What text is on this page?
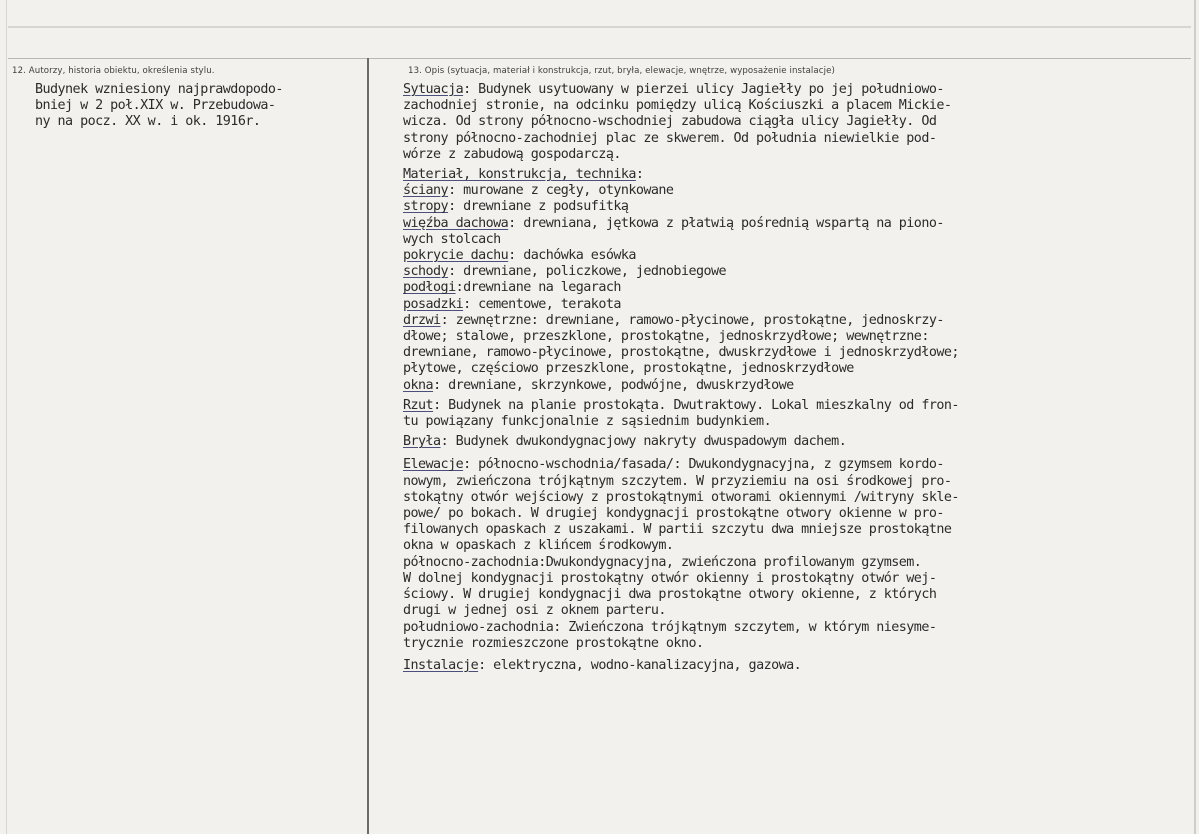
12. Autorzy, historia obiektu, określenia stylu.	13. Opis (sytuacja, materiał i konstrukcja, rzut, bryła, elewacje, wnętrze, wyposażenie instalacje)
Budynek wzniesiony najprawdopodo-
bniej w 2 poł.XIX w. Przebudowa-
ny na pocz. XX w. i ok. 1916r.
Sytuacja: Budynek usytuowany w pierzei ulicy Jagiełły po jej południowo-
zachodniej stronie, na odcinku pomiędzy ulicą Kościuszki a placem Mickie-
wicza. Od strony północno-wschodniej zabudowa ciągła ulicy Jagiełły. Od
strony północno-zachodniej plac ze skwerem. Od południa niewielkie pod-
wórze z zabudową gospodarczą.
Materiał, konstrukcja, technika:
ściany: murowane z cegły, otynkowane
stropy: drewniane z podsufitką
więźba dachowa: drewniana, jętkowa z płatwią pośrednią wspartą na piono-
wych stolcach
pokrycie dachu: dachówka esówka
schody: drewniane, policzkowe, jednobiegowe
podłogi:drewniane na legarach
posadzki: cementowe, terakota
drzwi: zewnętrzne: drewniane, ramowo-płycinowe, prostokątne, jednoskrzy-
dłowe; stalowe, przeszklone, prostokątne, jednoskrzydłowe; wewnętrzne:
drewniane, ramowo-płycinowe, prostokątne, dwuskrzydłowe i jednoskrzydłowe;
płytowe, częściowo przeszklone, prostokątne, jednoskrzydłowe
okna: drewniane, skrzynkowe, podwójne, dwuskrzydłowe
Rzut: Budynek na planie prostokąta. Dwutraktowy. Lokal mieszkalny od fron-
tu powiązany funkcjonalnie z sąsiednim budynkiem.
Bryła: Budynek dwukondygnacjowy nakryty dwuspadowym dachem.
Elewacje: północno-wschodnia/fasada/: Dwukondygnacyjna, z gzymsem kordo-
nowym, zwieńczona trójkątnym szczytem. W przyziemiu na osi środkowej pro-
stokątny otwór wejściowy z prostokątnymi otworami okiennymi /witryny skle-
powe/ po bokach. W drugiej kondygnacji prostokątne otwory okienne w pro-
filowanych opaskach z uszakami. W partii szczytu dwa mniejsze prostokątne
okna w opaskach z klińcem środkowym.
północno-zachodnia:Dwukondygnacyjna, zwieńczona profilowanym gzymsem.
W dolnej kondygnacji prostokątny otwór okienny i prostokątny otwór wej-
ściowy. W drugiej kondygnacji dwa prostokątne otwory okienne, z których
drugi w jednej osi z oknem parteru.
południowo-zachodnia: Zwieńczona trójkątnym szczytem, w którym niesyme-
trycznie rozmieszczone prostokątne okno.
Instalacje: elektryczna, wodno-kanalizacyjna, gazowa.
